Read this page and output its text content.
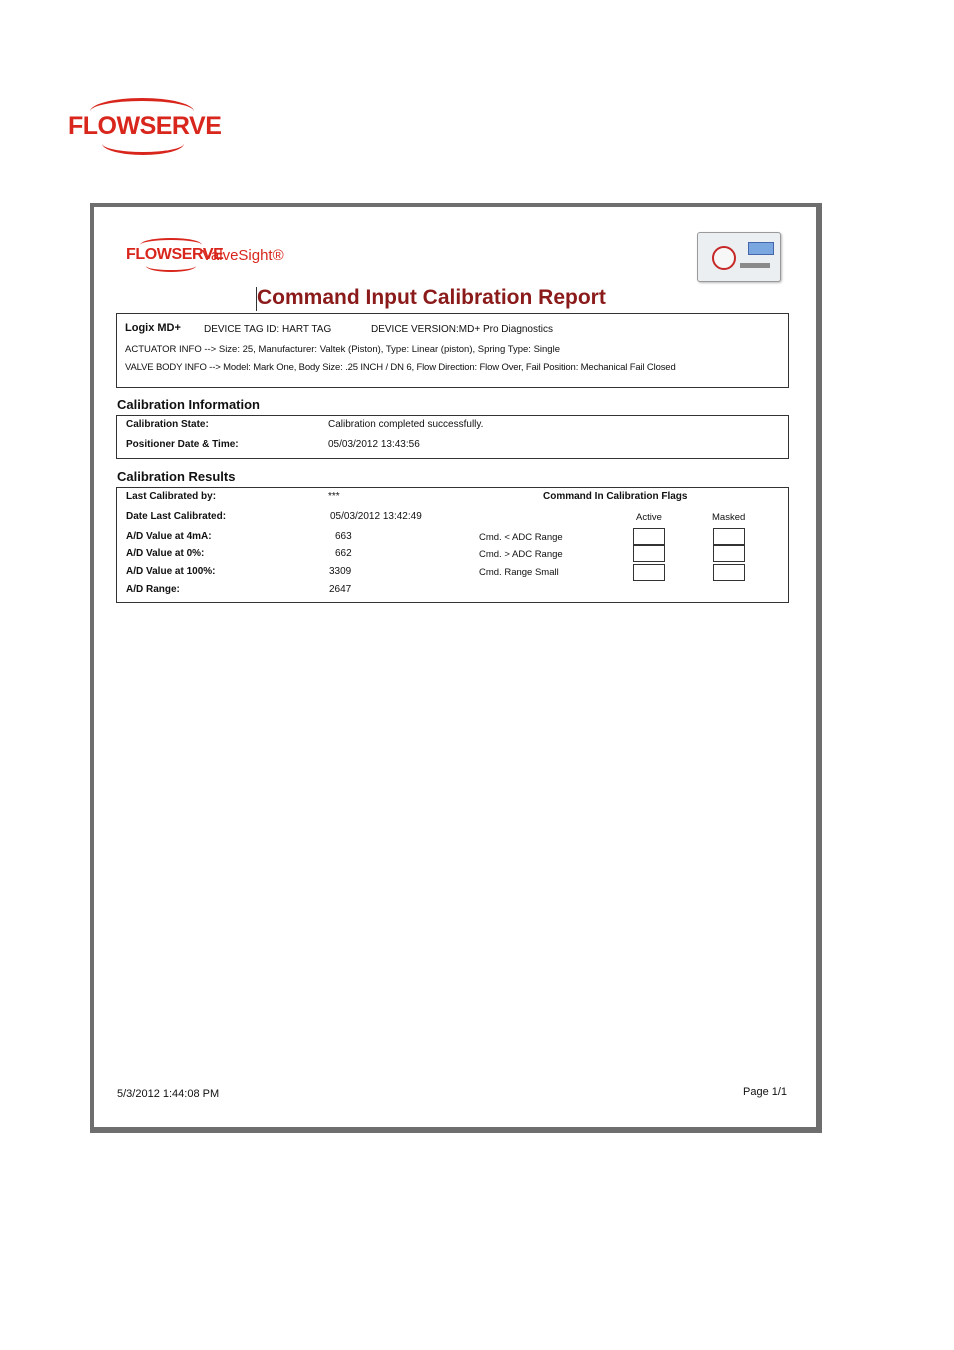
FLOWSERVE
FLOWSERVE
ValveSight®
Command Input Calibration Report
Logix MD+ DEVICE TAG ID: HART TAG	DEVICE VERSION:MD+ Pro Diagnostics
ACTUATOR INFO --> Size: 25, Manufacturer: Valtek (Piston), Type: Linear (piston), Spring Type: Single
VALVE BODY INFO --> Model: Mark One, Body Size: .25 INCH / DN 6, Flow Direction: Flow Over, Fail Position: Mechanical Fail Closed
Calibration Information
Calibration State:	Calibration completed successfully.
Positioner Date & Time:	05/03/2012 13:43:56
Calibration Results
Last Calibrated by:	***
Date Last Calibrated:	05/03/2012 13:42:49
A/D Value at 4mA:	663
A/D Value at 0%:	662
A/D Value at 100%:	3309
A/D Range:	2647
Command In Calibration Flags
Active	Masked
Cmd. < ADC Range
Cmd. > ADC Range
Cmd. Range Small
5/3/2012 1:44:08 PM	Page 1/1
